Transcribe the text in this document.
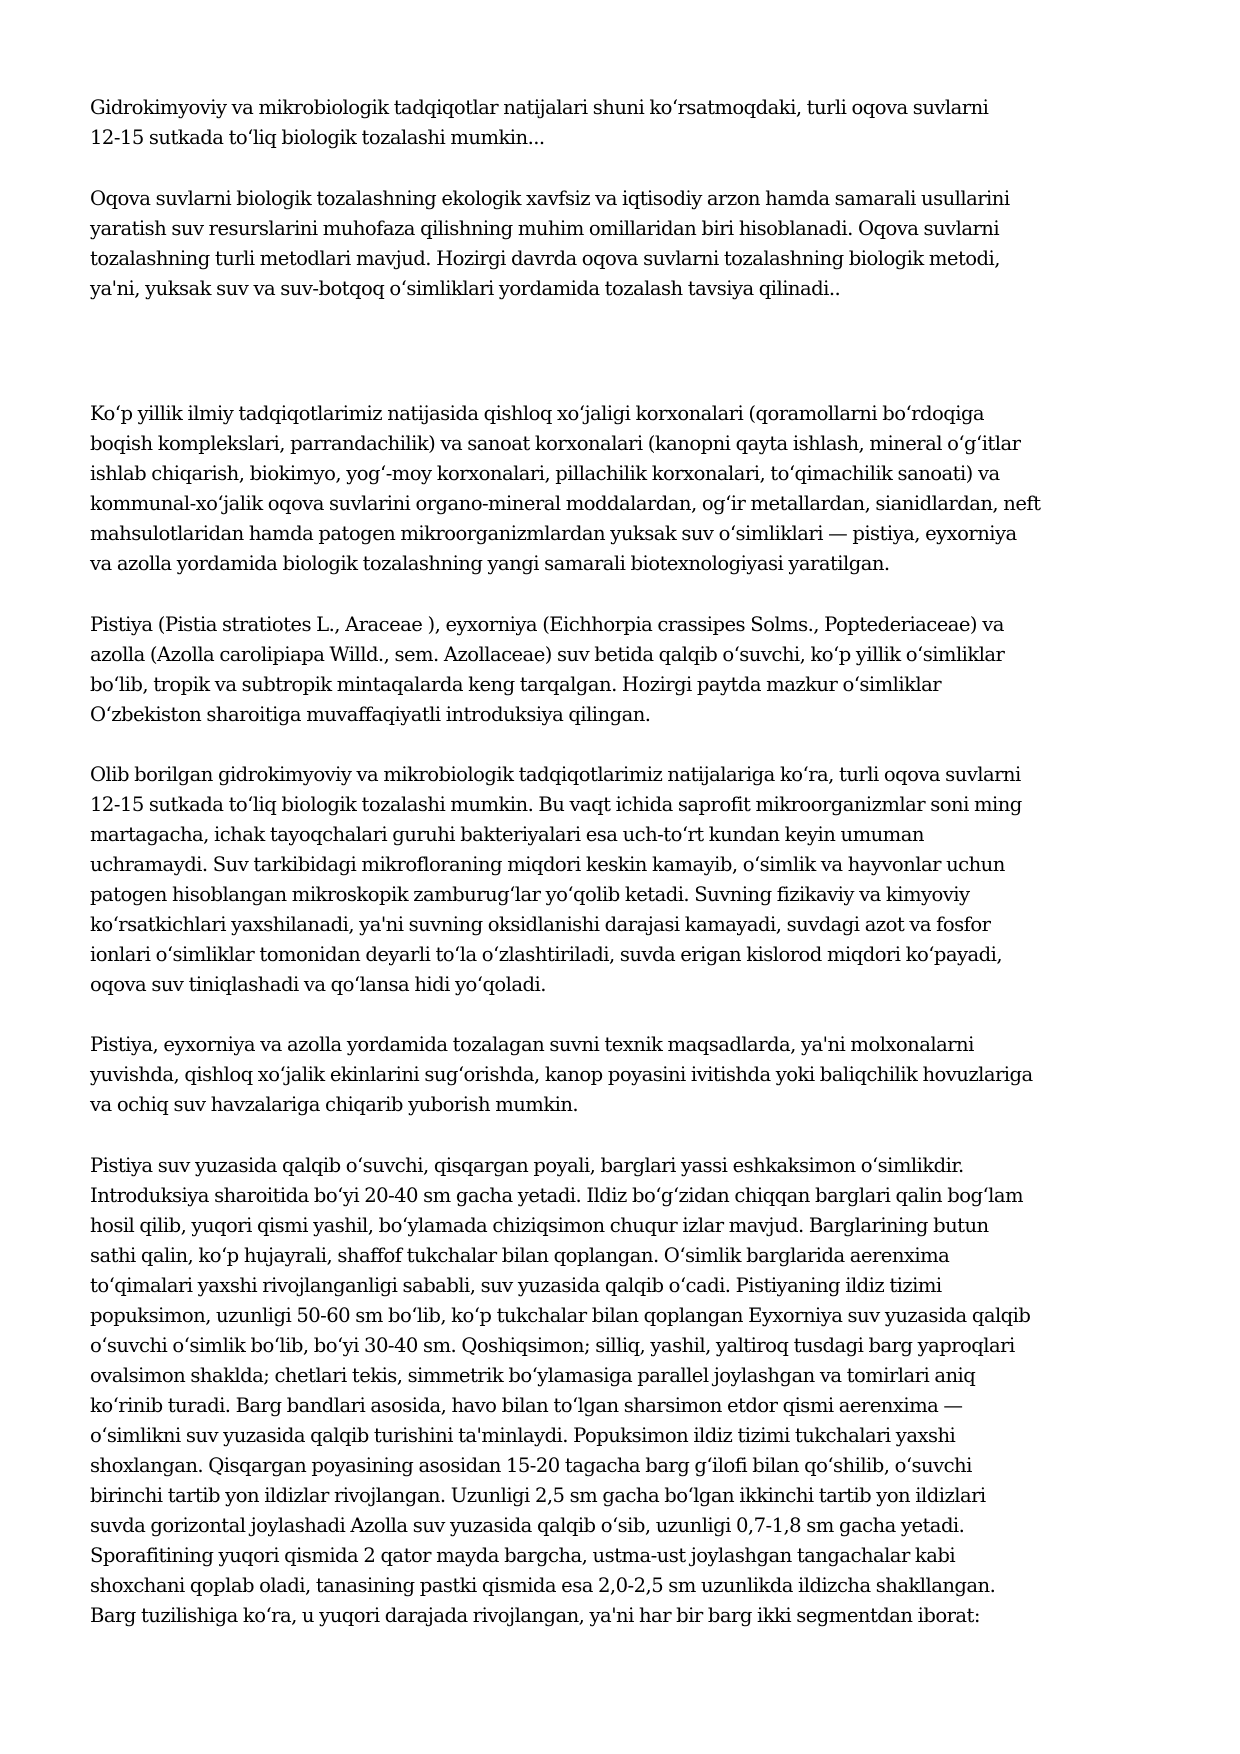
Gidrokimyoviy va mikrobiologik tadqiqotlar natijalari shuni koʻrsatmoqdaki, turli oqova suvlarni
12-15 sutkada toʻliq biologik tozalashi mumkin...

Oqova suvlarni biologik tozalashning ekologik xavfsiz va iqtisodiy arzon hamda samarali usullarini
yaratish suv resurslarini muhofaza qilishning muhim omillaridan biri hisoblanadi. Oqova suvlarni
tozalashning turli metodlari mavjud. Hozirgi davrda oqova suvlarni tozalashning biologik metodi,
ya'ni, yuksak suv va suv-botqoq oʻsimliklari yordamida tozalash tavsiya qilinadi..

Koʻp yillik ilmiy tadqiqotlarimiz natijasida qishloq xoʻjaligi korxonalari (qoramollarni boʻrdoqiga
boqish komplekslari, parrandachilik) va sanoat korxonalari (kanopni qayta ishlash, mineral oʻgʻitlar
ishlab chiqarish, biokimyo, yogʻ-moy korxonalari, pillachilik korxonalari, toʻqimachilik sanoati) va
kommunal-xoʻjalik oqova suvlarini organo-mineral moddalardan, ogʻir metallardan, sianidlardan, neft
mahsulotlaridan hamda patogen mikroorganizmlardan yuksak suv oʻsimliklari — pistiya, eyxorniya
va azolla yordamida biologik tozalashning yangi samarali biotexnologiyasi yaratilgan.

Pistiya (Pistia stratiotes L., Araceae ), eyxorniya (Eichhorpia crassipes Solms., Poptederiaceae) va
azolla (Azolla carolipiapa Willd., sem. Azollaceae) suv betida qalqib oʻsuvchi, koʻp yillik oʻsimliklar
boʻlib, tropik va subtropik mintaqalarda keng tarqalgan. Hozirgi paytda mazkur oʻsimliklar
Oʻzbekiston sharoitiga muvaffaqiyatli introduksiya qilingan.

Olib borilgan gidrokimyoviy va mikrobiologik tadqiqotlarimiz natijalariga koʻra, turli oqova suvlarni
12-15 sutkada toʻliq biologik tozalashi mumkin. Bu vaqt ichida saprofit mikroorganizmlar soni ming
martagacha, ichak tayoqchalari guruhi bakteriyalari esa uch-toʻrt kundan keyin umuman
uchramaydi. Suv tarkibidagi mikrofloraning miqdori keskin kamayib, oʻsimlik va hayvonlar uchun
patogen hisoblangan mikroskopik zamburugʻlar yoʻqolib ketadi. Suvning fizikaviy va kimyoviy
koʻrsatkichlari yaxshilanadi, ya'ni suvning oksidlanishi darajasi kamayadi, suvdagi azot va fosfor
ionlari oʻsimliklar tomonidan deyarli toʻla oʻzlashtiriladi, suvda erigan kislorod miqdori koʻpayadi,
oqova suv tiniqlashadi va qoʻlansa hidi yoʻqoladi.

Pistiya, eyxorniya va azolla yordamida tozalagan suvni texnik maqsadlarda, ya'ni molxonalarni
yuvishda, qishloq xoʻjalik ekinlarini sugʻorishda, kanop poyasini ivitishda yoki baliqchilik hovuzlariga
va ochiq suv havzalariga chiqarib yuborish mumkin.

Pistiya suv yuzasida qalqib oʻsuvchi, qisqargan poyali, barglari yassi eshkaksimon oʻsimlikdir.
Introduksiya sharoitida boʻyi 20-40 sm gacha yetadi. Ildiz boʻgʻzidan chiqqan barglari qalin bogʻlam
hosil qilib, yuqori qismi yashil, boʻylamada chiziqsimon chuqur izlar mavjud. Barglarining butun
sathi qalin, koʻp hujayrali, shaffof tukchalar bilan qoplangan. Oʻsimlik barglarida aerenxima
toʻqimalari yaxshi rivojlanganligi sababli, suv yuzasida qalqib oʻcadi. Pistiyaning ildiz tizimi
popuksimon, uzunligi 50-60 sm boʻlib, koʻp tukchalar bilan qoplangan Eyxorniya suv yuzasida qalqib
oʻsuvchi oʻsimlik boʻlib, boʻyi 30-40 sm. Qoshiqsimon; silliq, yashil, yaltiroq tusdagi barg yaproqlari
ovalsimon shaklda; chetlari tekis, simmetrik boʻylamasiga parallel joylashgan va tomirlari aniq
koʻrinib turadi. Barg bandlari asosida, havo bilan toʻlgan sharsimon etdor qismi aerenxima —
oʻsimlikni suv yuzasida qalqib turishini ta'minlaydi. Popuksimon ildiz tizimi tukchalari yaxshi
shoxlangan. Qisqargan poyasining asosidan 15-20 tagacha barg gʻilofi bilan qoʻshilib, oʻsuvchi
birinchi tartib yon ildizlar rivojlangan. Uzunligi 2,5 sm gacha boʻlgan ikkinchi tartib yon ildizlari
suvda gorizontal joylashadi Azolla suv yuzasida qalqib oʻsib, uzunligi 0,7-1,8 sm gacha yetadi.
Sporafitining yuqori qismida 2 qator mayda bargcha, ustma-ust joylashgan tangachalar kabi
shoxchani qoplab oladi, tanasining pastki qismida esa 2,0-2,5 sm uzunlikda ildizcha shakllangan.
Barg tuzilishiga koʻra, u yuqori darajada rivojlangan, ya'ni har bir barg ikki segmentdan iborat:
